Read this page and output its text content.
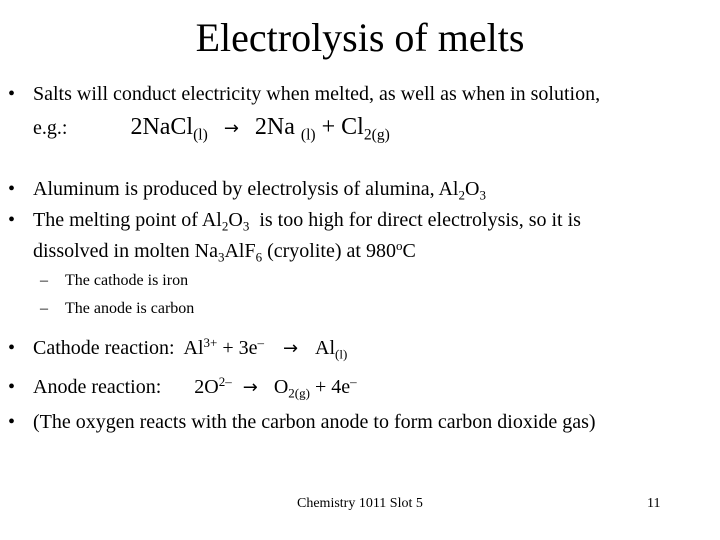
Electrolysis of melts
• Salts will conduct electricity when melted, as well as when in solution,
e.g.:	2NaCl$_{(l)}$ → 2Na $_{(l)} + Cl_{2(g)}$
• Aluminum is produced by electrolysis of alumina, $Al_2O_3$
• The melting point of $Al_2O_3$  is too high for direct electrolysis, so it is
dissolved in molten $Na_3AlF_6$ (cryolite) at 980$^o$C
– The cathode is iron
– The anode is carbon
• Cathode reaction:  $Al^{3+} + 3e^- \to Al_{(l)}$
• Anode reaction: $2O^{2-} \to O_{2(g)} + 4e^-$
• (The oxygen reacts with the carbon anode to form carbon dioxide gas)
Chemistry 1011 Slot 5	11
